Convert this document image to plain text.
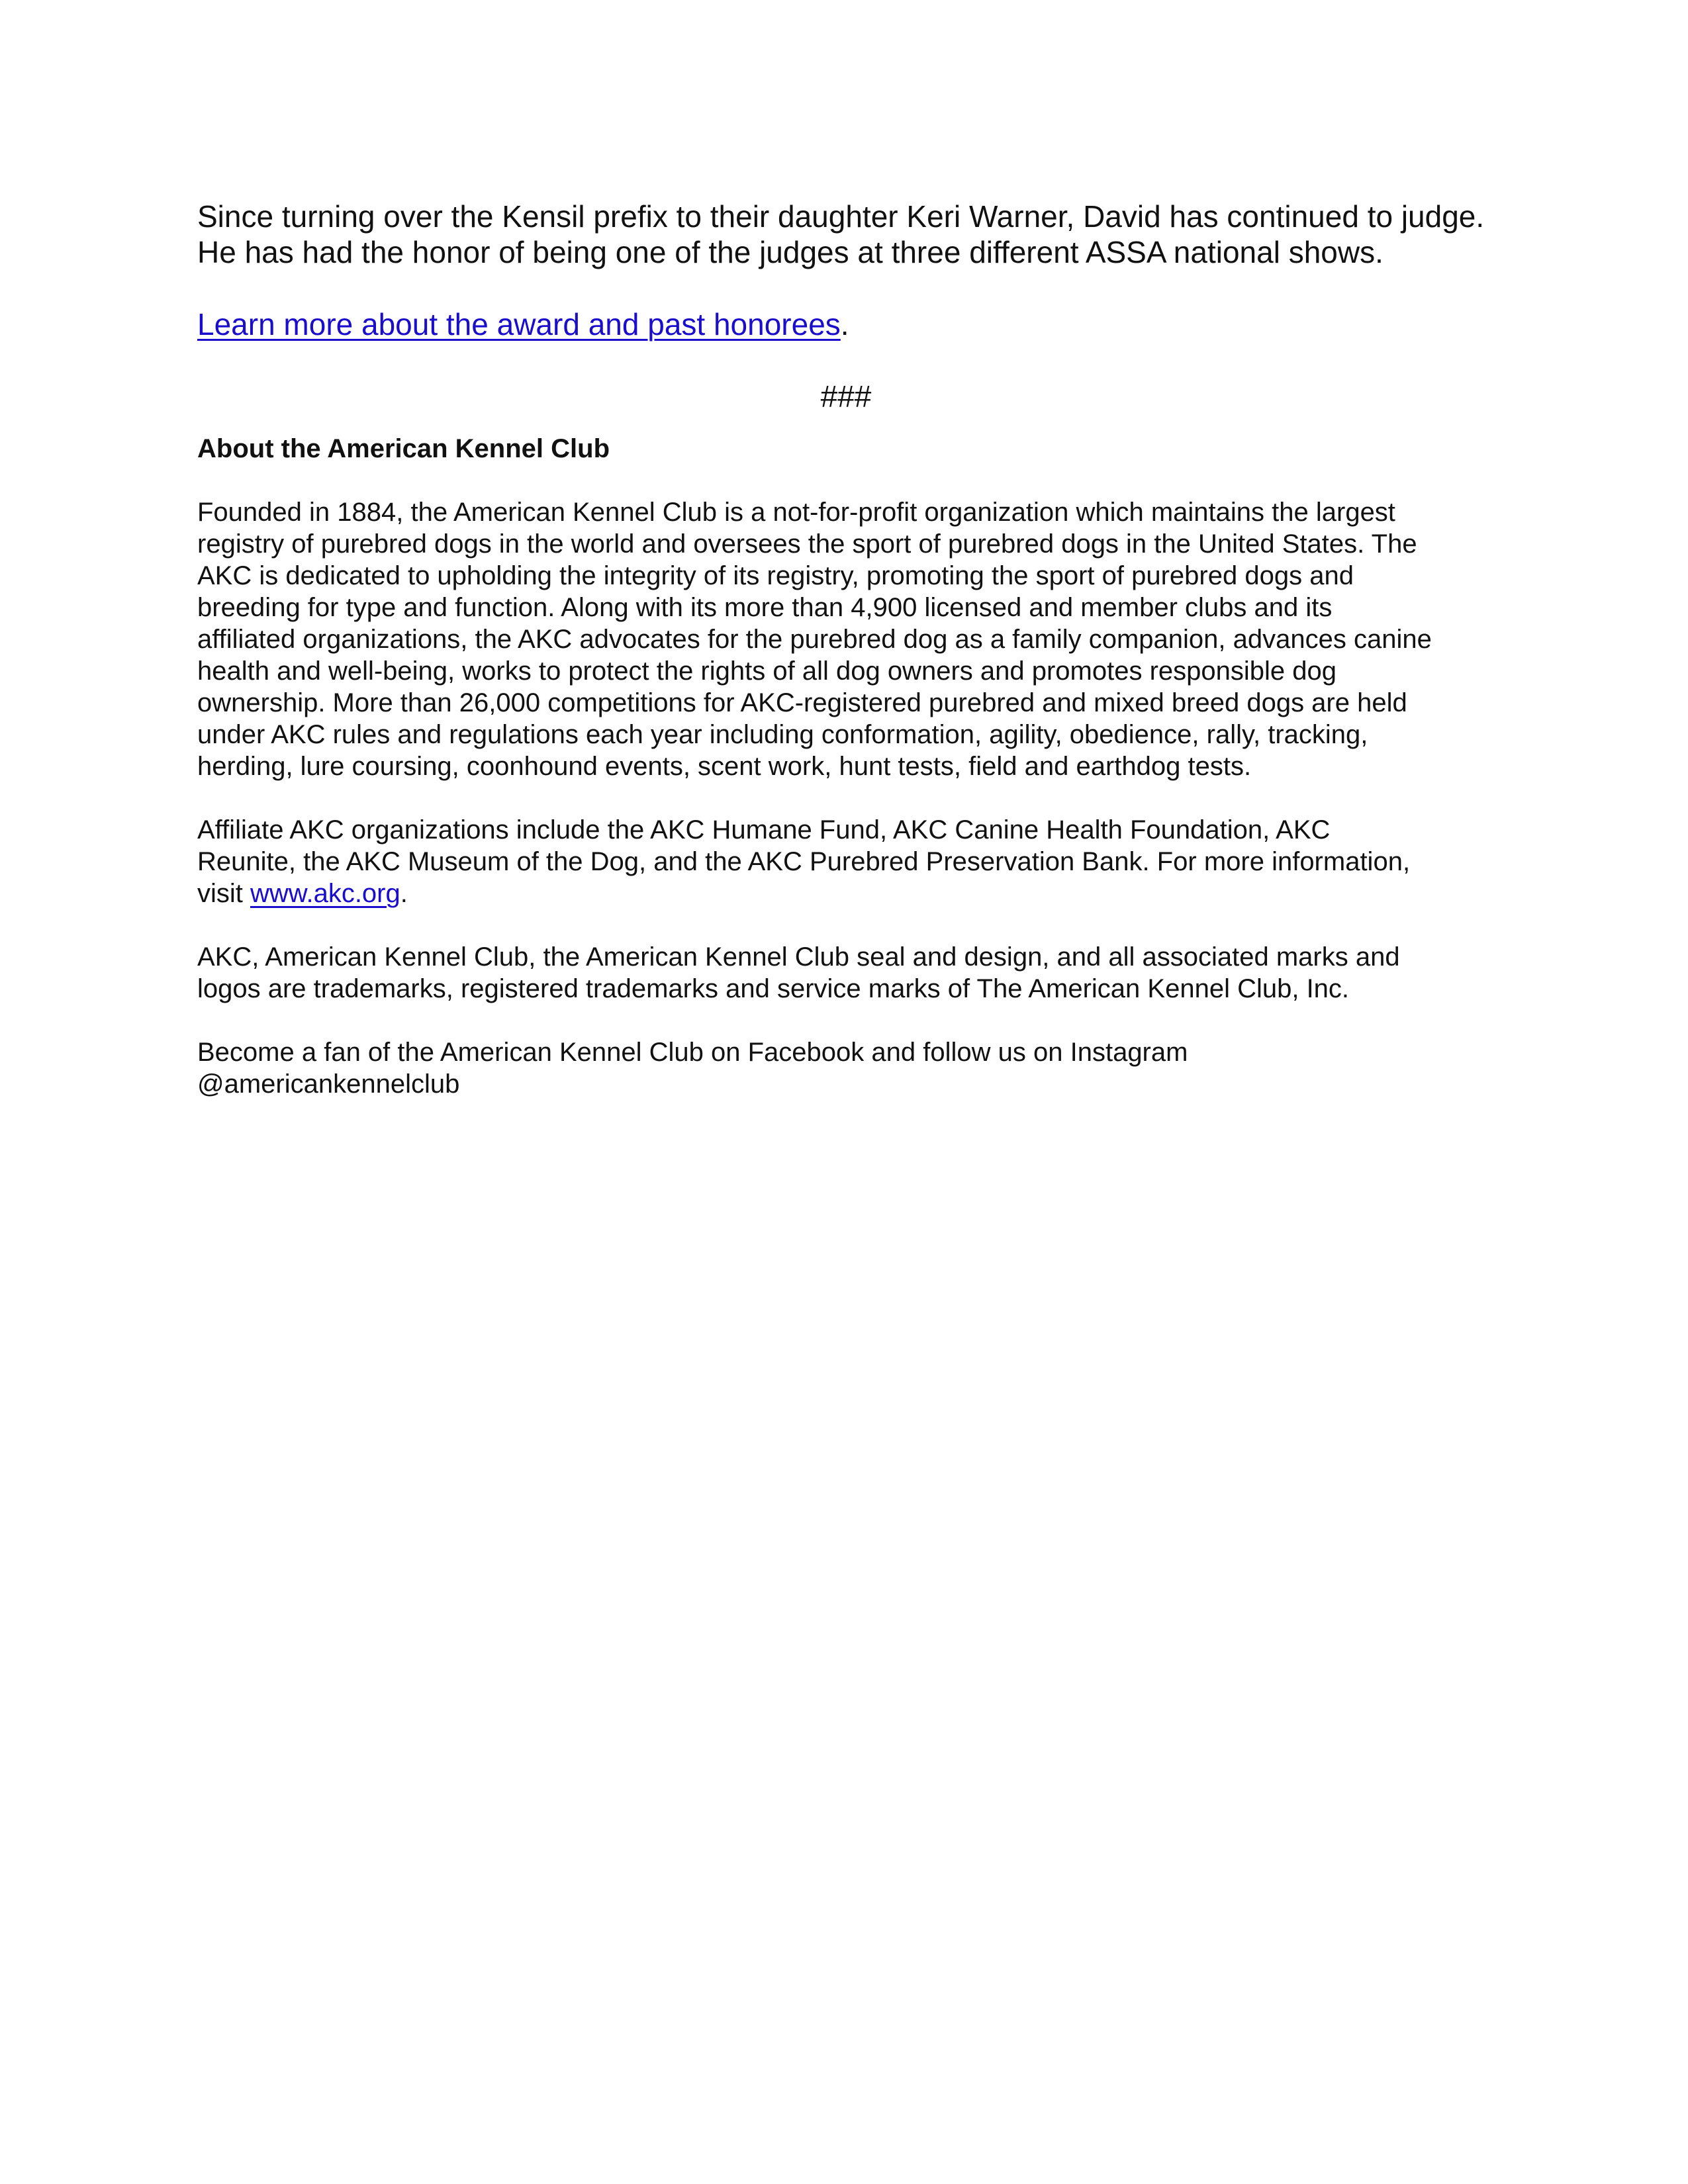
Since turning over the Kensil prefix to their daughter Keri Warner, David has continued to judge.
He has had the honor of being one of the judges at three different ASSA national shows.

Learn more about the award and past honorees.

###

About the American Kennel Club

Founded in 1884, the American Kennel Club is a not-for-profit organization which maintains the largest
registry of purebred dogs in the world and oversees the sport of purebred dogs in the United States. The
AKC is dedicated to upholding the integrity of its registry, promoting the sport of purebred dogs and
breeding for type and function. Along with its more than 4,900 licensed and member clubs and its
affiliated organizations, the AKC advocates for the purebred dog as a family companion, advances canine
health and well-being, works to protect the rights of all dog owners and promotes responsible dog
ownership. More than 26,000 competitions for AKC-registered purebred and mixed breed dogs are held
under AKC rules and regulations each year including conformation, agility, obedience, rally, tracking,
herding, lure coursing, coonhound events, scent work, hunt tests, field and earthdog tests.

Affiliate AKC organizations include the AKC Humane Fund, AKC Canine Health Foundation, AKC
Reunite, the AKC Museum of the Dog, and the AKC Purebred Preservation Bank. For more information,
visit www.akc.org.

AKC, American Kennel Club, the American Kennel Club seal and design, and all associated marks and
logos are trademarks, registered trademarks and service marks of The American Kennel Club, Inc.

Become a fan of the American Kennel Club on Facebook and follow us on Instagram
@americankennelclub
